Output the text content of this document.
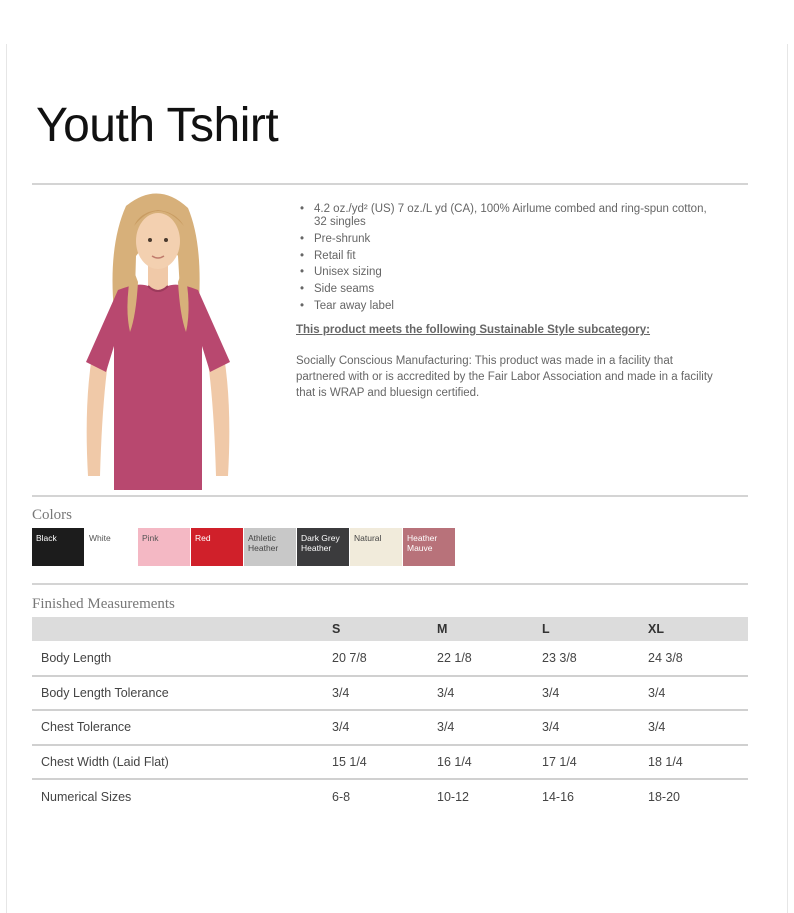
Youth Tshirt
• 4.2 oz./yd² (US) 7 oz./L yd (CA), 100% Airlume combed and ring-spun cotton, 32 singles
• Pre-shrunk
• Retail fit
• Unisex sizing
• Side seams
• Tear away label
This product meets the following Sustainable Style subcategory:
Socially Conscious Manufacturing: This product was made in a facility that partnered with or is accredited by the Fair Labor Association and made in a facility that is WRAP and bluesign certified.
Colors
Black	White	Pink	Red	Athletic Heather
Dark Grey Heather
Natural	Heather Mauve
Finished Measurements
	S	M	L	XL
Body Length	20 7/8	22 1/8	23 3/8	24 3/8
Body Length Tolerance	3/4	3/4	3/4	3/4
Chest Tolerance	3/4	3/4	3/4	3/4
Chest Width (Laid Flat)	15 1/4	16 1/4	17 1/4	18 1/4
Numerical Sizes	6-8	10-12	14-16	18-20
